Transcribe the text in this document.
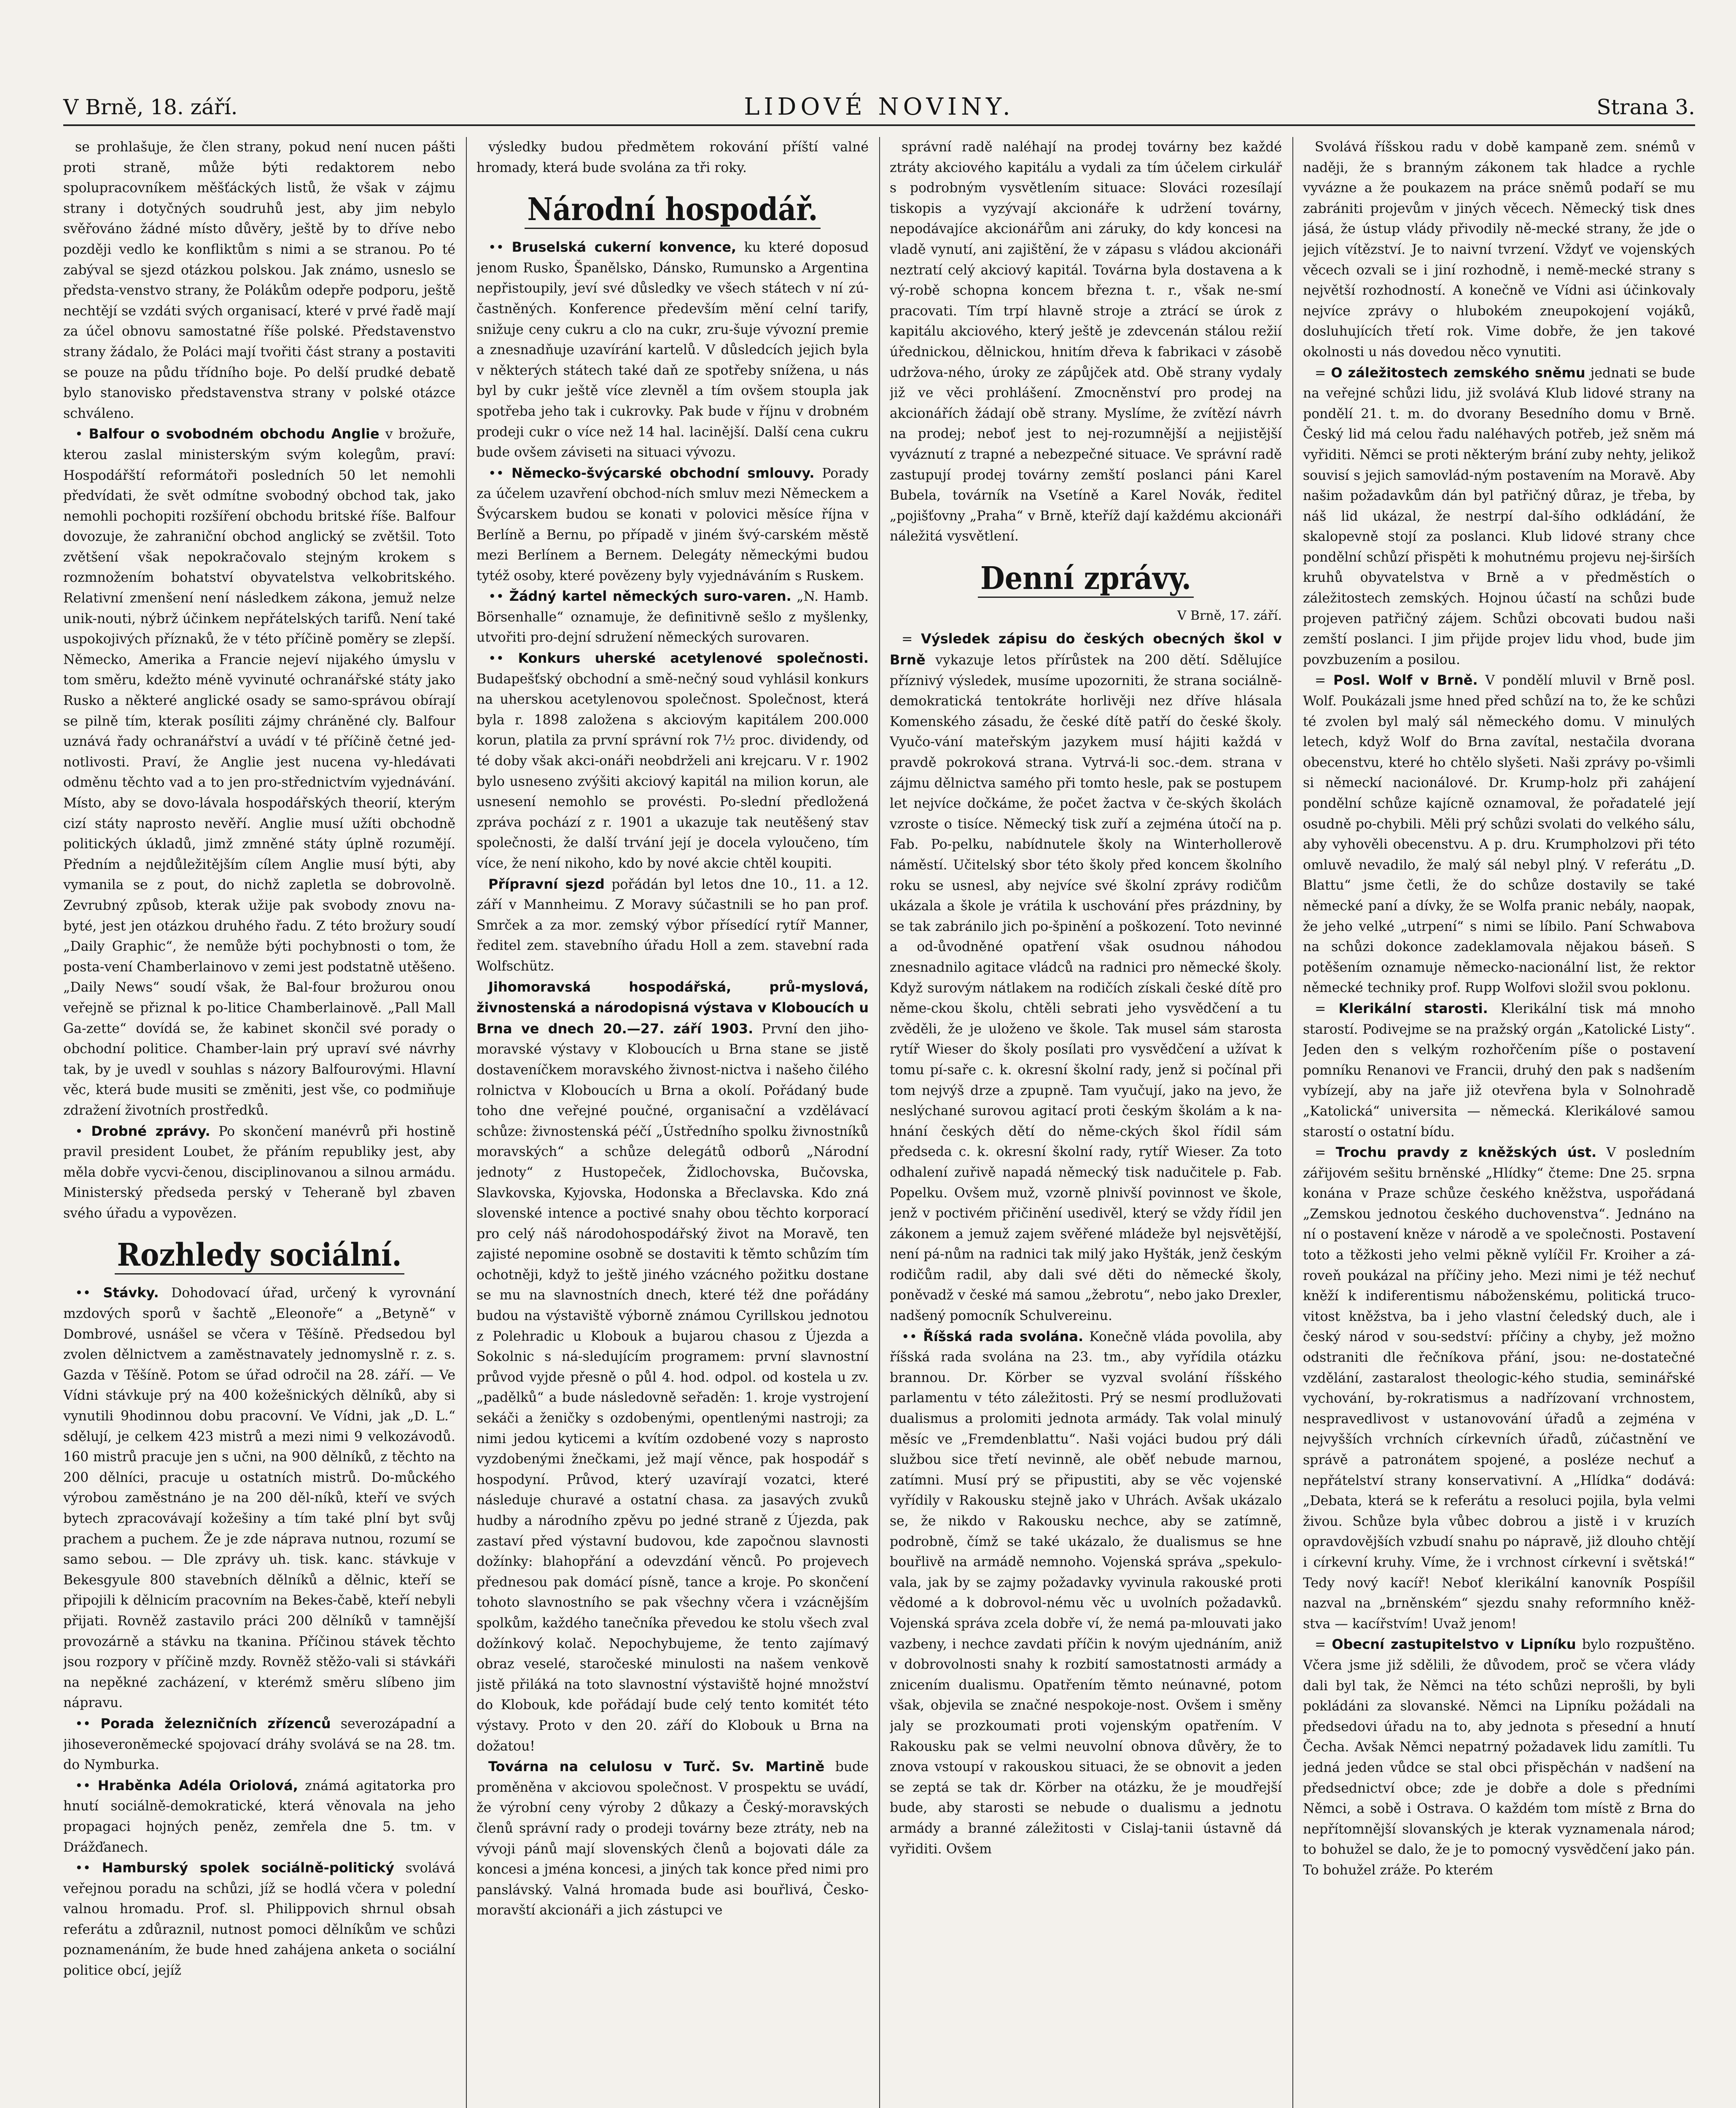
V Brně, 18. září.	LIDOVÉ NOVINY.	Strana 3.

se prohlašuje, že člen strany, pokud není nucen pášti proti straně, může býti redaktorem nebo spolupracovníkem měšťáckých listů, že však v zájmu strany i dotyčných soudruhů jest, aby jim nebylo svěřováno žádné místo důvěry, ještě by to dříve nebo později vedlo ke konfliktům s nimi a se stranou. Po té zabýval se sjezd otázkou polskou. Jak známo, usneslo se předsta-venstvo strany, že Polákům odepře podporu, ještě nechtějí se vzdáti svých organisací, které v prvé řadě mají za účel obnovu samostatné říše polské. Představenstvo strany žádalo, že Poláci mají tvořiti část strany a postaviti se pouze na půdu třídního boje. Po delší prudké debatě bylo stanovisko představenstva strany v polské otázce schváleno.

• Balfour o svobodném obchodu Anglie v brožuře, kterou zaslal ministerským svým kolegům, praví: Hospodářští reformátoři posledních 50 let nemohli předvídati, že svět odmítne svobodný obchod tak, jako nemohli pochopiti rozšíření obchodu britské říše. Balfour dovozuje, že zahraniční obchod anglický se zvětšil. Toto zvětšení však nepokračovalo stejným krokem s rozmnožením bohatství obyvatelstva velkobritského. Relativní zmenšení není následkem zákona, jemuž nelze unik-nouti, nýbrž účinkem nepřátelských tarifů. Není také uspokojivých příznaků, že v této příčině poměry se zlepší. Německo, Amerika a Francie nejeví nijakého úmyslu v tom směru, kdežto méně vyvinuté ochranářské státy jako Rusko a některé anglické osady se samo-správou obírají se pilně tím, kterak posíliti zájmy chráněné cly. Balfour uznává řady ochranářství a uvádí v té příčině četné jed-notlivosti. Praví, že Anglie jest nucena vy-hledávati odměnu těchto vad a to jen pro-střednictvím vyjednávání. Místo, aby se dovo-lávala hospodářských theorií, kterým cizí státy naprosto nevěří. Anglie musí užíti obchodně politických úkladů, jimž zmněné státy úplně rozumějí. Předním a nejdůležitějším cílem Anglie musí býti, aby vymanila se z pout, do nichž zapletla se dobrovolně. Zevrubný způsob, kterak užije pak svobody znovu na-byté, jest jen otázkou druhého řadu. Z této brožury soudí „Daily Graphic“, že nemůže býti pochybnosti o tom, že posta-vení Chamberlainovo v zemi jest podstatně utěšeno. „Daily News“ soudí však, že Bal-four brožurou onou veřejně se přiznal k po-litice Chamberlainově. „Pall Mall Ga-zette“ dovídá se, že kabinet skončil své porady o obchodní politice. Chamber-lain prý upraví své návrhy tak, by je uvedl v souhlas s názory Balfourovými. Hlavní věc, která bude musiti se změniti, jest vše, co podmiňuje zdražení životních prostředků.

• Drobné zprávy. Po skončení manévrů při hostině pravil president Loubet, že přáním republiky jest, aby měla dobře vycvi-čenou, disciplinovanou a silnou armádu. Ministerský předseda perský v Teheraně byl zbaven svého úřadu a vypovězen.

Rozhledy sociální.

•• Stávky. Dohodovací úřad, určený k vyrovnání mzdových sporů v šachtě „Eleonoře“ a „Betyně“ v Dombrové, usnášel se včera v Těšíně. Předsedou byl zvolen dělnictvem a zaměstnavately jednomyslně r. z. s. Gazda v Těšíně. Potom se úřad odročil na 28. září. — Ve Vídni stávkuje prý na 400 kožešnických dělníků, aby si vynutili 9hodinnou dobu pracovní. Ve Vídni, jak „D. L.“ sdělují, je celkem 423 mistrů a mezi nimi 9 velkozávodů. 160 mistrů pracuje jen s učni, na 900 dělníků, z těchto na 200 dělníci, pracuje u ostatních mistrů. Do-můckého výrobou zaměstnáno je na 200 děl-níků, kteří ve svých bytech zpracovávají kožešiny a tím také plní byt svůj prachem a puchem. Že je zde náprava nutnou, rozumí se samo sebou. — Dle zprávy uh. tisk. kanc. stávkuje v Bekesgyule 800 stavebních dělníků a dělnic, kteří se připojili k dělnicím pracovním na Bekes-čabě, kteří nebyli přijati. Rovněž zastavilo práci 200 dělníků v tamnější provozárně a stávku na tkanina. Příčinou stávek těchto jsou rozpory v příčině mzdy. Rovněž stěžo-vali si stávkáři na nepěkné zacházení, v kterémž směru slíbeno jim nápravu.

•• Porada železničních zřízenců severozápadní a jihoseveroněmecké spojovací dráhy svolává se na 28. tm. do Nymburka.

•• Hraběnka Adéla Oriolová, známá agitatorka pro hnutí sociálně-demokratické, která věnovala na jeho propagaci hojných peněz, zemřela dne 5. tm. v Drážďanech.

•• Hamburský spolek sociálně-politický svolává veřejnou poradu na schůzi, jíž se hodlá včera v polední valnou hromadu. Prof. sl. Philippovich shrnul obsah referátu a zdůraznil, nutnost pomoci dělníkům ve schůzi poznamenáním, že bude hned zahájena anketa o sociální politice obcí, jejíž

výsledky budou předmětem rokování příští valné hromady, která bude svolána za tři roky.

Národní hospodář.

•• Bruselská cukerní konvence, ku které doposud jenom Rusko, Španělsko, Dánsko, Rumunsko a Argentina nepřistoupily, jeví své důsledky ve všech státech v ní zú-častněných. Konference především mění celní tarify, snižuje ceny cukru a clo na cukr, zru-šuje vývozní premie a znesnadňuje uzavírání kartelů. V důsledcích jejich byla v některých státech také daň ze spotřeby snížena, u nás byl by cukr ještě více zlevněl a tím ovšem stoupla jak spotřeba jeho tak i cukrovky. Pak bude v říjnu v drobném prodeji cukr o více než 14 hal. lacinější. Další cena cukru bude ovšem záviseti na situaci vývozu.

•• Německo-švýcarské obchodní smlouvy. Porady za účelem uzavření obchod-ních smluv mezi Německem a Švýcarskem budou se konati v polovici měsíce října v Berlíně a Bernu, po případě v jiném švý-carském městě mezi Berlínem a Bernem. Delegáty německými budou tytéž osoby, které povězeny byly vyjednáváním s Ruskem.

•• Žádný kartel německých suro-varen. „N. Hamb. Börsenhalle“ oznamuje, že definitivně sešlo z myšlenky, utvořiti pro-dejní sdružení německých surovaren.

•• Konkurs uherské acetylenové společnosti. Budapešťský obchodní a smě-nečný soud vyhlásil konkurs na uherskou acetylenovou společnost. Společnost, která byla r. 1898 založena s akciovým kapitálem 200.000 korun, platila za první správní rok 7½ proc. dividendy, od té doby však akci-onáři neobdrželi ani krejcaru. V r. 1902 bylo usneseno zvýšiti akciový kapitál na milion korun, ale usnesení nemohlo se provésti. Po-slední předložená zpráva pochází z r. 1901 a ukazuje tak neutěšený stav společnosti, že další trvání její je docela vyloučeno, tím více, že není nikoho, kdo by nové akcie chtěl koupiti.

Přípravní sjezd pořádán byl letos dne 10., 11. a 12. září v Mannheimu. Z Moravy súčastnili se ho pan prof. Smrček a za mor. zemský výbor přísedící rytíř Manner, ředitel zem. stavebního úřadu Holl a zem. stavební rada Wolfschütz.

Jihomoravská hospodářská, prů-myslová, živnostenská a národopisná výstava v Kloboucích u Brna ve dnech 20.—27. září 1903. První den jiho-moravské výstavy v Kloboucích u Brna stane se jistě dostaveníčkem moravského živnost-nictva i našeho čilého rolnictva v Kloboucích u Brna a okolí. Pořádaný bude toho dne veřejné poučné, organisační a vzdělávací schůze: živnostenská péčí „Ústředního spolku živnostníků moravských“ a schůze delegátů odborů „Národní jednoty“ z Hustopeček, Židlochovska, Bučovska, Slavkovska, Kyjovska, Hodonska a Břeclavska. Kdo zná slovenské intence a poctivé snahy obou těchto korporací pro celý náš národohospodářský život na Moravě, ten zajisté nepomine osobně se dostaviti k těmto schůzím tím ochotněji, když to ještě jiného vzácného požitku dostane se mu na slavnostních dnech, které též dne pořádány budou na výstaviště výborně známou Cyrillskou jednotou z Polehradic u Klobouk a bujarou chasou z Újezda a Sokolnic s ná-sledujícím programem: první slavnostní průvod vyjde přesně o půl 4. hod. odpol. od kostela u zv. „padělků“ a bude následovně seřaděn: 1. kroje vystrojení sekáči a ženičky s ozdobenými, opentlenými nastroji; za nimi jedou kyticemi a kvítím ozdobené vozy s naprosto vyzdobenými žnečkami, jež mají věnce, pak hospodář s hospodyní. Průvod, který uzavírají vozatci, které následuje churavé a ostatní chasa. za jasavých zvuků hudby a národního zpěvu po jedné straně z Újezda, pak zastaví před výstavní budovou, kde započnou slavnosti dožínky: blahopřání a odevzdání věnců. Po projevech přednesou pak domácí písně, tance a kroje. Po skončení tohoto slavnostního se pak všechny včera i vzácnějším spolkům, každého tanečníka převedou ke stolu všech zval dožínkový kolač. Nepochybujeme, že tento zajímavý obraz veselé, staročeské minulosti na našem venkově jistě přiláká na toto slavnostní výstaviště hojné množství do Klobouk, kde pořádají bude celý tento komitét této výstavy. Proto v den 20. září do Klobouk u Brna na dožatou!

Továrna na celulosu v Turč. Sv. Martině bude proměněna v akciovou společnost. V prospektu se uvádí, že výrobní ceny výroby 2 důkazy a Český-moravských členů správní rady o prodeji továrny beze ztráty, neb na vývoji pánů mají slovenských členů a bojovati dále za koncesi a jména koncesi, a jiných tak konce před nimi pro panslávský. Valná hromada bude asi bouřlivá, Česko-moravští akcionáři a jich zástupci ve

správní radě naléhají na prodej továrny bez každé ztráty akciového kapitálu a vydali za tím účelem cirkulář s podrobným vysvětlením situace: Slováci rozesílají tiskopis a vyzývají akcionáře k udržení továrny, nepodávajíce akcionářům ani záruky, do kdy koncesi na vladě vynutí, ani zajištění, že v zápasu s vládou akcionáři neztratí celý akciový kapitál. Továrna byla dostavena a k vý-robě schopna koncem března t. r., však ne-smí pracovati. Tím trpí hlavně stroje a ztrácí se úrok z kapitálu akciového, který ještě je zdevcenán stálou režií úřednickou, dělnickou, hnitím dřeva k fabrikaci v zásobě udržova-ného, úroky ze zápůjček atd. Obě strany vydaly již ve věci prohlášení. Zmocněnství pro prodej na akcionářích žádají obě strany. Myslíme, že zvítězí návrh na prodej; neboť jest to nej-rozumnější a nejjistější vyváznutí z trapné a nebezpečné situace. Ve správní radě zastupují prodej továrny zemští poslanci páni Karel Bubela, továrník na Vsetíně a Karel Novák, ředitel „pojišťovny „Praha“ v Brně, kteříž dají každému akcionáři náležitá vysvětlení.

Denní zprávy.
V Brně, 17. září.

= Výsledek zápisu do českých obecných škol v Brně vykazuje letos přírůstek na 200 dětí. Sdělujíce příznivý výsledek, musíme upozorniti, že strana sociálně-demokratická tentokráte horlivěji nez dříve hlásala Komenského zásadu, že české dítě patří do české školy. Vyučo-vání mateřským jazykem musí hájiti každá v pravdě pokroková strana. Vytrvá-li soc.-dem. strana v zájmu dělnictva samého při tomto hesle, pak se postupem let nejvíce dočkáme, že počet žactva v če-ských školách vzroste o tisíce. Německý tisk zuří a zejména útočí na p. Fab. Po-pelku, nabídnutele školy na Winterhollerově náměstí. Učitelský sbor této školy před koncem školního roku se usnesl, aby nejvíce své školní zprávy rodičům ukázala a škole je vrátila k uschování přes prázdniny, by se tak zabránilo jich po-špinění a poškození. Toto nevinné a od-ůvodněné opatření však osudnou náhodou znesnadnilo agitace vládců na radnici pro německé školy. Když surovým nátlakem na rodičích získali české dítě pro něme-ckou školu, chtěli sebrati jeho vysvědčení a tu zvěděli, že je uloženo ve škole. Tak musel sám starosta rytíř Wieser do školy posílati pro vysvědčení a užívat k tomu pí-saře c. k. okresní školní rady, jenž si počínal při tom nejvýš drze a zpupně. Tam vyučují, jako na jevo, že neslýchané surovou agitací proti českým školám a k na-hnání českých dětí do něme-ckých škol řídil sám předseda c. k. okresní školní rady, rytíř Wieser. Za toto odhalení zuřivě napadá německý tisk nadučitele p. Fab. Popelku. Ovšem muž, vzorně plnivší povinnost ve škole, jenž v poctivém přičinění usedivěl, který se vždy řídil jen zákonem a jemuž zajem svěřené mládeže byl nejsvětější, není pá-nům na radnici tak milý jako Hyšták, jenž českým rodičům radil, aby dali své děti do německé školy, poněvadž v české má samou „žebrotu“, nebo jako Drexler, nadšený pomocník Schulvereinu.

•• Říšská rada svolána. Konečně vláda povolila, aby říšská rada svolána na 23. tm., aby vyřídila otázku brannou. Dr. Körber se vyzval svolání říšského parlamentu v této záležitosti. Prý se nesmí prodlužovati dualismus a prolomiti jednota armády. Tak volal minulý měsíc ve „Fremdenblattu“. Naši vojáci budou prý dáli službou sice třetí nevinně, ale oběť nebude marnou, zatímni. Musí prý se připustiti, aby se věc vojenské vyřídily v Rakousku stejně jako v Uhrách. Avšak ukázalo se, že nikdo v Rakousku nechce, aby se zatímně, podrobně, čímž se také ukázalo, že dualismus se hne bouřlivě na armádě nemnoho. Vojenská správa „spekulo-vala, jak by se zajmy požadavky vyvinula rakouské proti vědomé a k dobrovol-nému věc u uvolních požadavků. Vojenská správa zcela dobře ví, že nemá pa-mlouvati jako vazbeny, i nechce zavdati příčin k novým ujednáním, aniž v dobrovolnosti snahy k rozbití samostatnosti armády a znicením dualismu. Opatřením těmto neúnavné, potom však, objevila se značné nespokoje-nost. Ovšem i směny jaly se prozkoumati proti vojenským opatřením. V Rakousku pak se velmi neuvolní obnova důvěry, že to znova vstoupí v rakouskou situaci, že se obnovit a jeden se zeptá se tak dr. Körber na otázku, že je moudřejší bude, aby starosti se nebude o dualismu a jednotu armády a branné záležitosti v Cislaj-tanii ústavně dá vyřiditi. Ovšem

Svolává říšskou radu v době kampaně zem. snémů v naději, že s branným zákonem tak hladce a rychle vyvázne a že poukazem na práce sněmů podaří se mu zabrániti projevům v jiných věcech. Německý tisk dnes jásá, že ústup vlády přivodily ně-mecké strany, že jde o jejich vítězství. Je to naivní tvrzení. Vždyť ve vojenských věcech ozvali se i jiní rozhodně, i nemě-mecké strany s největší rozhodností. A konečně ve Vídni asi účinkovaly nejvíce zprávy o hlubokém zneupokojení vojáků, dosluhujících třetí rok. Vime dobře, že jen takové okolnosti u nás dovedou něco vynutiti.

= O záležitostech zemského sněmu jednati se bude na veřejné schůzi lidu, již svolává Klub lidové strany na pondělí 21. t. m. do dvorany Besedního domu v Brně. Český lid má celou řadu naléhavých potřeb, jež sněm má vyřiditi. Němci se proti některým brání zuby nehty, jelikož souvisí s jejich samovlád-ným postavením na Moravě. Aby našim požadavkům dán byl patřičný důraz, je třeba, by náš lid ukázal, že nestrpí dal-šího odkládání, že skalopevně stojí za poslanci. Klub lidové strany chce pondělní schůzí přispěti k mohutnému projevu nej-širších kruhů obyvatelstva v Brně a v předměstích o záležitostech zemských. Hojnou účastí na schůzi bude projeven patřičný zájem. Schůzi obcovati budou naši zemští poslanci. I jim přijde projev lidu vhod, bude jim povzbuzením a posilou.

= Posl. Wolf v Brně. V pondělí mluvil v Brně posl. Wolf. Poukázali jsme hned před schůzí na to, že ke schůzi té zvolen byl malý sál německého domu. V minulých letech, když Wolf do Brna zavítal, nestačila dvorana obecenstvu, které ho chtělo slyšeti. Naši zprávy po-všimli si německí nacionálové. Dr. Krump-holz při zahájení pondělní schůze kajícně oznamoval, že pořadatelé její osudně po-chybili. Měli prý schůzi svolati do velkého sálu, aby vyhověli obecenstvu. A p. dru. Krumpholzovi při této omluvě nevadilo, že malý sál nebyl plný. V referátu „D. Blattu“ jsme četli, že do schůze dostavily se také německé paní a dívky, že se Wolfa pranic nebály, naopak, že jeho velké „utrpení“ s nimi se líbilo. Paní Schwabova na schůzi dokonce zadeklamovala nějakou báseň. S potěšením oznamuje německo-nacionální list, že rektor německé techniky prof. Rupp Wolfovi složil svou poklonu.

= Klerikální starosti. Klerikální tisk má mnoho starostí. Podivejme se na pražský orgán „Katolické Listy“. Jeden den s velkým rozhořčením píše o postavení pomníku Renanovi ve Francii, druhý den pak s nadšením vybízejí, aby na jaře již otevřena byla v Solnohradě „Katolická“ universita — německá. Klerikálové samou starostí o ostatní bídu.

= Trochu pravdy z kněžských úst. V posledním zářijovém sešitu brněnské „Hlídky“ čteme: Dne 25. srpna konána v Praze schůze českého kněžstva, uspořádaná „Zemskou jednotou českého duchovenstva“. Jednáno na ní o postavení kněze v národě a ve společnosti. Postavení toto a těžkosti jeho velmi pěkně vylíčil Fr. Kroiher a zá-roveň poukázal na příčiny jeho. Mezi nimi je též nechuť kněží k indiferentismu náboženskému, politická truco-vitost kněžstva, ba i jeho vlastní čeledský duch, ale i český národ v sou-sedství: příčiny a chyby, jež možno odstraniti dle řečníkova přání, jsou: ne-dostatečné vzdělání, zastaralost theologic-kého studia, seminářské vychování, by-rokratismus a nadřízovaní vrchnostem, nespravedlivost v ustanovování úřadů a zejména v nejvyšších vrchních církevních úřadů, zúčastnění ve správě a patronátem spojené, a posléze nechuť a nepřátelství strany konservativní. A „Hlídka“ dodává: „Debata, která se k referátu a resoluci pojila, byla velmi živou. Schůze byla vůbec dobrou a jistě i v kruzích opravdovějších vzbudí snahu po nápravě, již dlouho chtějí i církevní kruhy. Víme, že i vrchnost církevní i světská!“ Tedy nový kacíř! Neboť klerikální kanovník Pospíšil nazval na „brněnském“ sjezdu snahy reformního kněž-stva — kacířstvím! Uvaž jenom!

= Obecní zastupitelstvo v Lipníku bylo rozpuštěno. Včera jsme již sdělili, že důvodem, proč se včera vlády dali byl tak, že Němci na této schůzi neprošli, by byli pokládáni za slovanské. Němci na Lipníku požádali na předsedovi úřadu na to, aby jednota s přesední a hnutí Čecha. Avšak Němci nepatrný požadavek lidu zamítli. Tu jedná jeden vůdce se stal obci přispěchán v nadšení na předsednictví obce; zde je dobře a dole s předními Němci, a sobě i Ostrava. O každém tom místě z Brna do nepřítomnější slovanských je kterak vyznamenala národ; to bohužel se dalo, že je to pomocný vysvědčení jako pán. To bohužel zráže. Po kterém
